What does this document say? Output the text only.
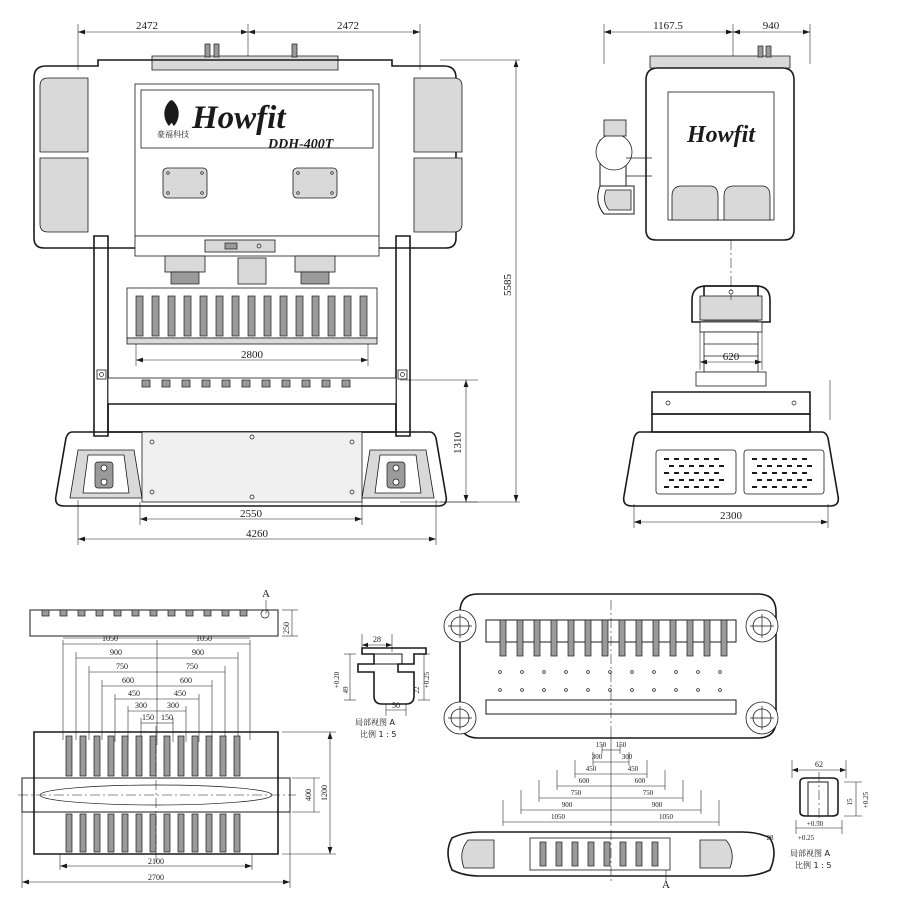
豪福科技 Howfit
DDH-400T
2472	2472
2800
2550
4260
5585
1310
1167.5	940
Howfit
620
2300
A
250
1050	1050
900	900
750	750
600	600
450	450
300	300
150 150
400 1200
2100
2700
28
+0.20
49
+0.25
22
50
局部视图 A
比例 1 : 5
150 150
300	300
450	450
600	600
750	750
900	900
1050	1050
A
62
+0.25
15
+0.50
28	+0.25
局部视图 A
比例 1 : 5
